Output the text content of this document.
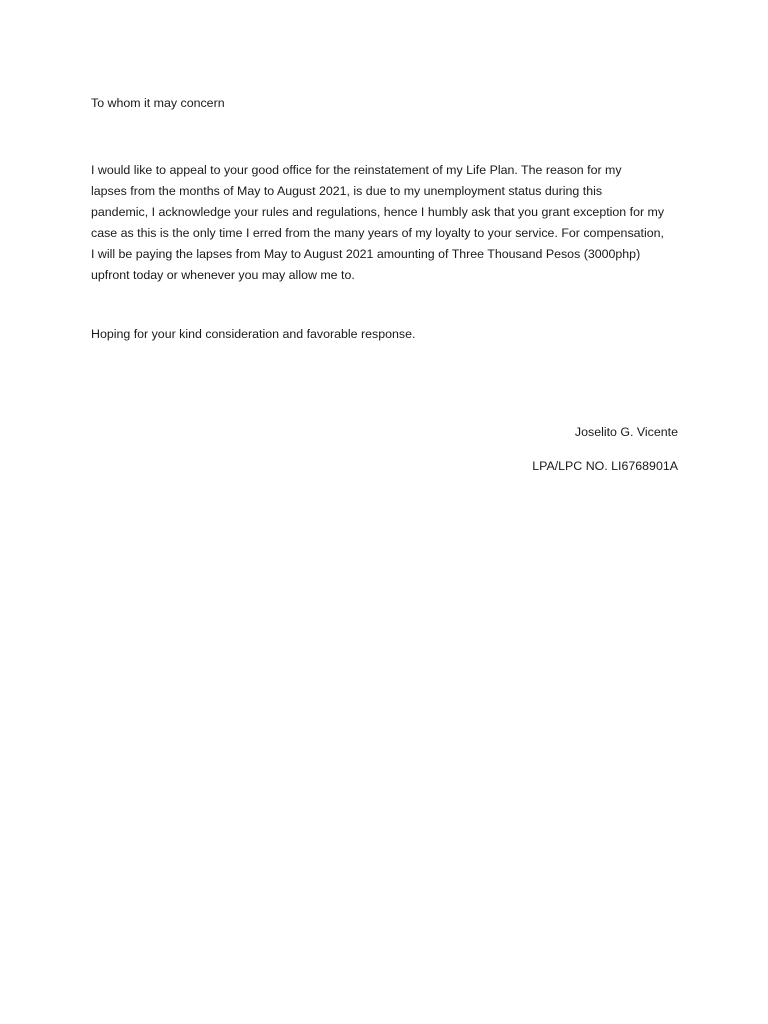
To whom it may concern

I would like to appeal to your good office for the reinstatement of my Life Plan. The reason for my
lapses from the months of May to August 2021, is due to my unemployment status during this
pandemic, I acknowledge your rules and regulations, hence I humbly ask that you grant exception for my
case as this is the only time I erred from the many years of my loyalty to your service. For compensation,
I will be paying the lapses from May to August 2021 amounting of Three Thousand Pesos (3000php)
upfront today or whenever you may allow me to.

Hoping for your kind consideration and favorable response.

Joselito G. Vicente

LPA/LPC NO. LI6768901A
